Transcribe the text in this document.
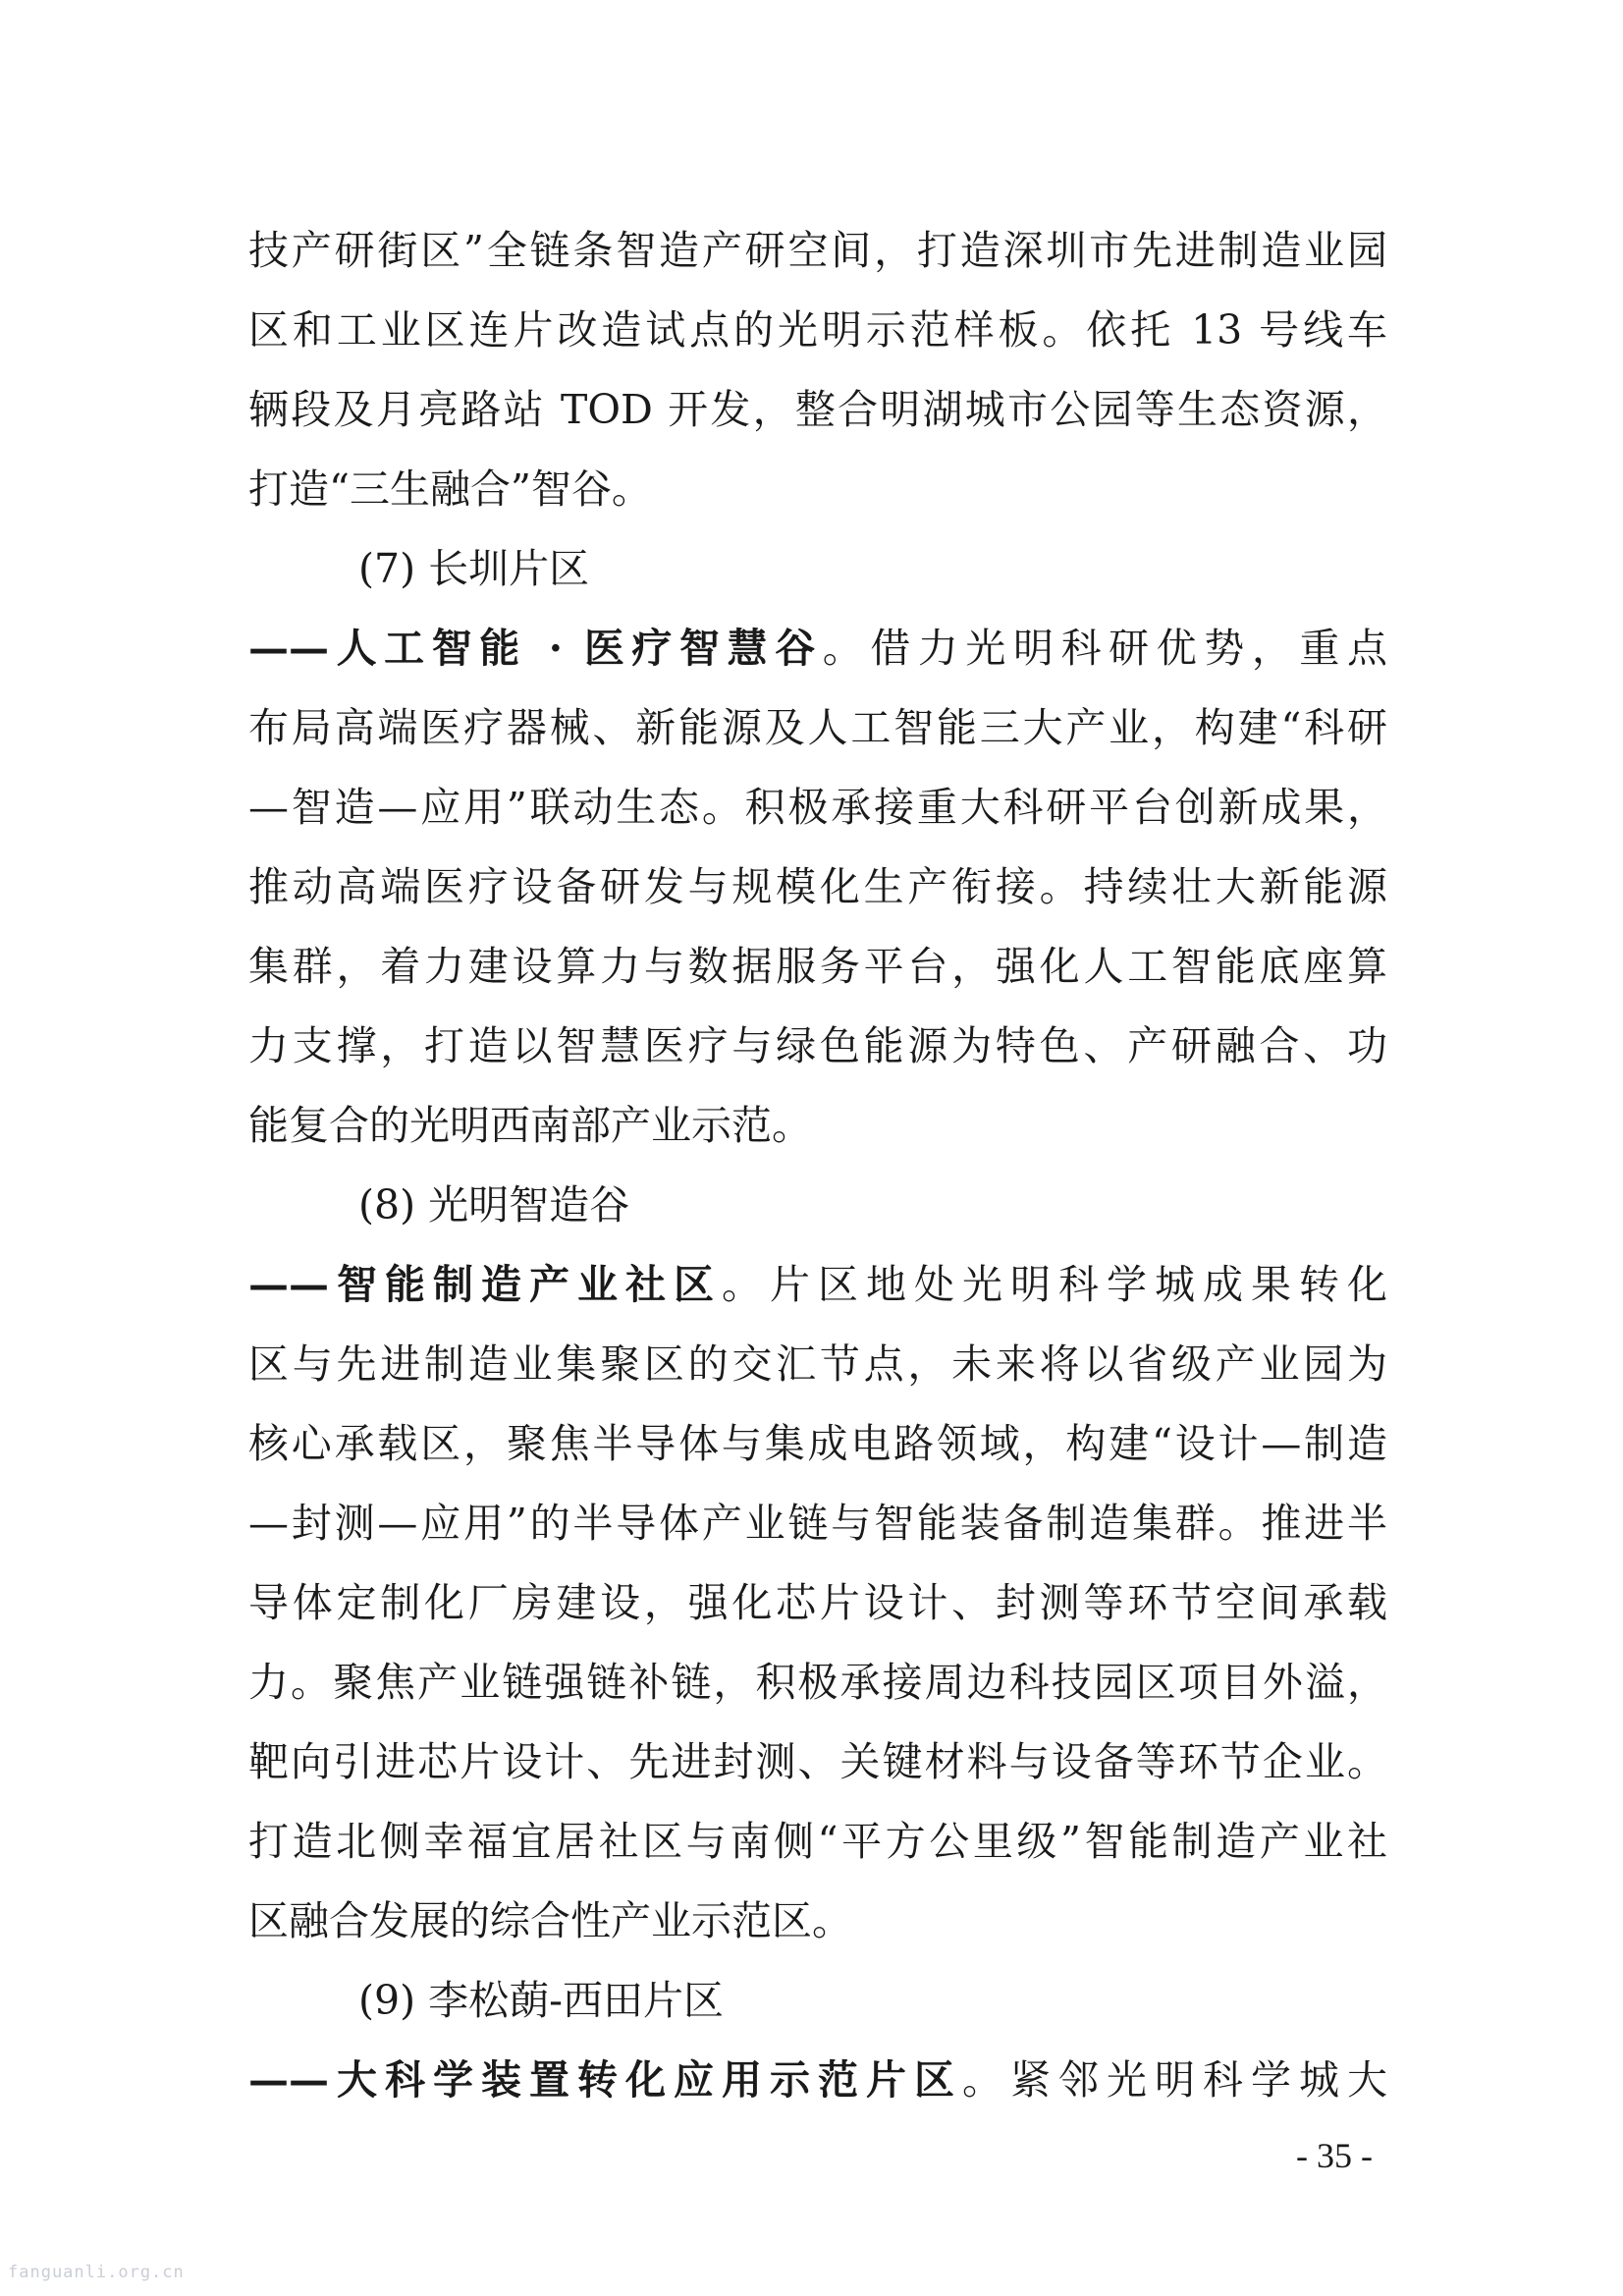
技产研街区”全链条智造产研空间，打造深圳市先进制造业园
区和工业区连片改造试点的光明示范样板。依托 13 号线车
辆段及月亮路站 TOD 开发，整合明湖城市公园等生态资源，
打造“三生融合”智谷。
(7) 长圳片区
——人工智能 · 医疗智慧谷。借力光明科研优势，重点
布局高端医疗器械、新能源及人工智能三大产业，构建“科研
—智造—应用”联动生态。积极承接重大科研平台创新成果，
推动高端医疗设备研发与规模化生产衔接。持续壮大新能源
集群，着力建设算力与数据服务平台，强化人工智能底座算
力支撑，打造以智慧医疗与绿色能源为特色、产研融合、功
能复合的光明西南部产业示范。
(8) 光明智造谷
——智能制造产业社区。片区地处光明科学城成果转化
区与先进制造业集聚区的交汇节点，未来将以省级产业园为
核心承载区，聚焦半导体与集成电路领域，构建“设计—制造
—封测—应用”的半导体产业链与智能装备制造集群。推进半
导体定制化厂房建设，强化芯片设计、封测等环节空间承载
力。聚焦产业链强链补链，积极承接周边科技园区项目外溢，
靶向引进芯片设计、先进封测、关键材料与设备等环节企业。
打造北侧幸福宜居社区与南侧“平方公里级”智能制造产业社
区融合发展的综合性产业示范区。
(9) 李松蓢-西田片区
——大科学装置转化应用示范片区。紧邻光明科学城大
- 35 -
fanguanli.org.cn
